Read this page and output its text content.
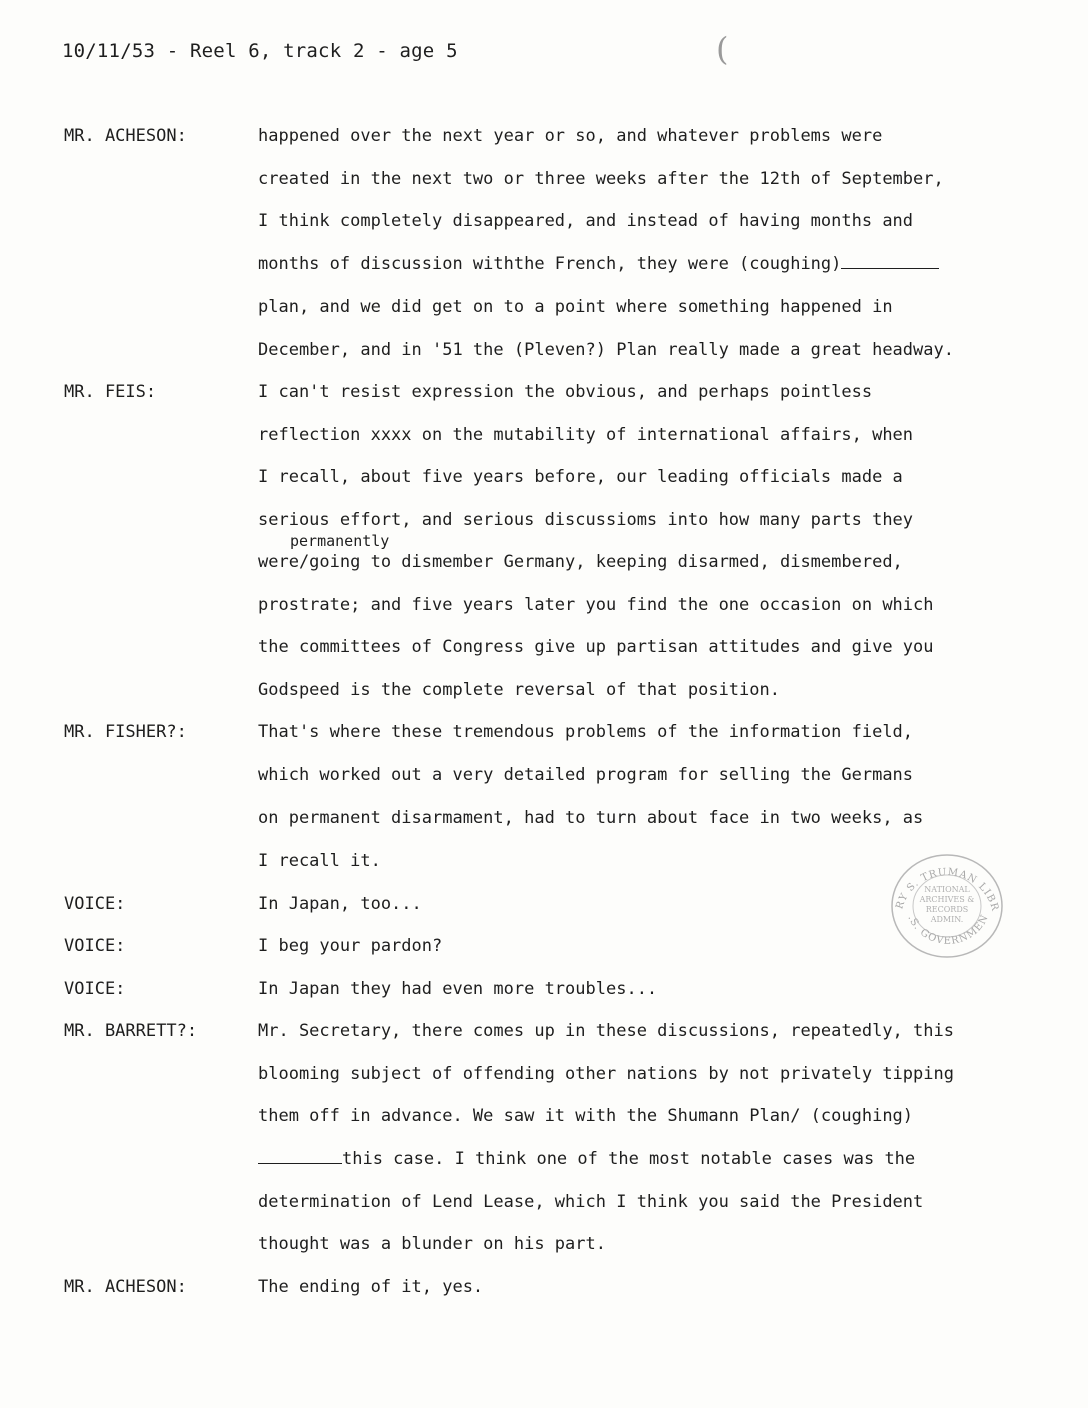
10/11/53 - Reel 6, track 2 - age 5	(
MR. ACHESON:	happened over the next year or so, and whatever problems were
created in the next two or three weeks after the 12th of September,
I think completely disappeared, and instead of having months and
months of discussion withthe French, they were (coughing)
plan, and we did get on to a point where something happened in
December, and in '51 the (Pleven?) Plan really made a great headway.
MR. FEIS:	I can't resist expression the obvious, and perhaps pointless
reflection xxxx on the mutability of international affairs, when
I recall, about five years before, our leading officials made a
serious effort, and serious discussioms into how many parts they
permanently
were/going to dismember Germany, keeping disarmed, dismembered,
prostrate; and five years later you find the one occasion on which
the committees of Congress give up partisan attitudes and give you
Godspeed is the complete reversal of that position.
MR. FISHER?:	That's where these tremendous problems of the information field,
which worked out a very detailed program for selling the Germans
on permanent disarmament, had to turn about face in two weeks, as
I recall it.
VOICE:	In Japan, too...
VOICE:	I beg your pardon?
VOICE:	In Japan they had even more troubles...
MR. BARRETT?:	Mr. Secretary, there comes up in these discussions, repeatedly, this
blooming subject of offending other nations by not privately tipping
them off in advance. We saw it with the Shumann Plan/ (coughing)
this case. I think one of the most notable cases was the
determination of Lend Lease, which I think you said the President
thought was a blunder on his part.
MR. ACHESON:	The ending of it, yes.
RY S. TRUMAN LIBR
.S. GOVERNMEN
NATIONAL
ARCHIVES &
RECORDS
ADMIN.
